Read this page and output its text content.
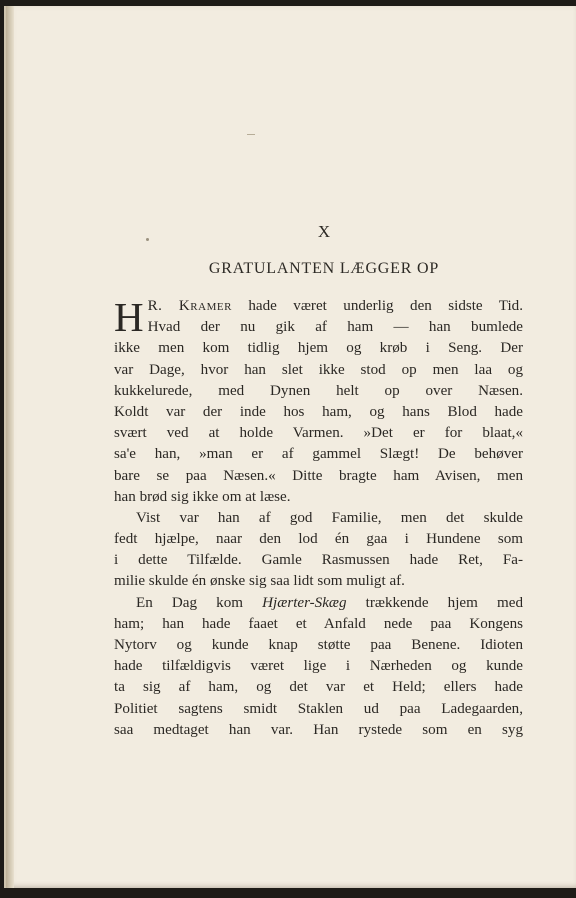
X
GRATULANTEN LÆGGER OP
H R. Kramer hade været underlig den sidste Tid.
Hvad der nu gik af ham — han bumlede
ikke men kom tidlig hjem og krøb i Seng. Der
var Dage, hvor han slet ikke stod op men laa og
kukkelurede, med Dynen helt op over Næsen.
Koldt var der inde hos ham, og hans Blod hade
svært ved at holde Varmen. »Det er for blaat,«
sa'e han, »man er af gammel Slægt! De behøver
bare se paa Næsen.« Ditte bragte ham Avisen, men
han brød sig ikke om at læse.
Vist var han af god Familie, men det skulde
fedt hjælpe, naar den lod én gaa i Hundene som
i dette Tilfælde. Gamle Rasmussen hade Ret, Fa-
milie skulde én ønske sig saa lidt som muligt af.
En Dag kom Hjærter-Skæg trækkende hjem med
ham; han hade faaet et Anfald nede paa Kongens
Nytorv og kunde knap støtte paa Benene. Idioten
hade tilfældigvis været lige i Nærheden og kunde
ta sig af ham, og det var et Held; ellers hade
Politiet sagtens smidt Staklen ud paa Ladegaarden,
saa medtaget han var. Han rystede som en syg
